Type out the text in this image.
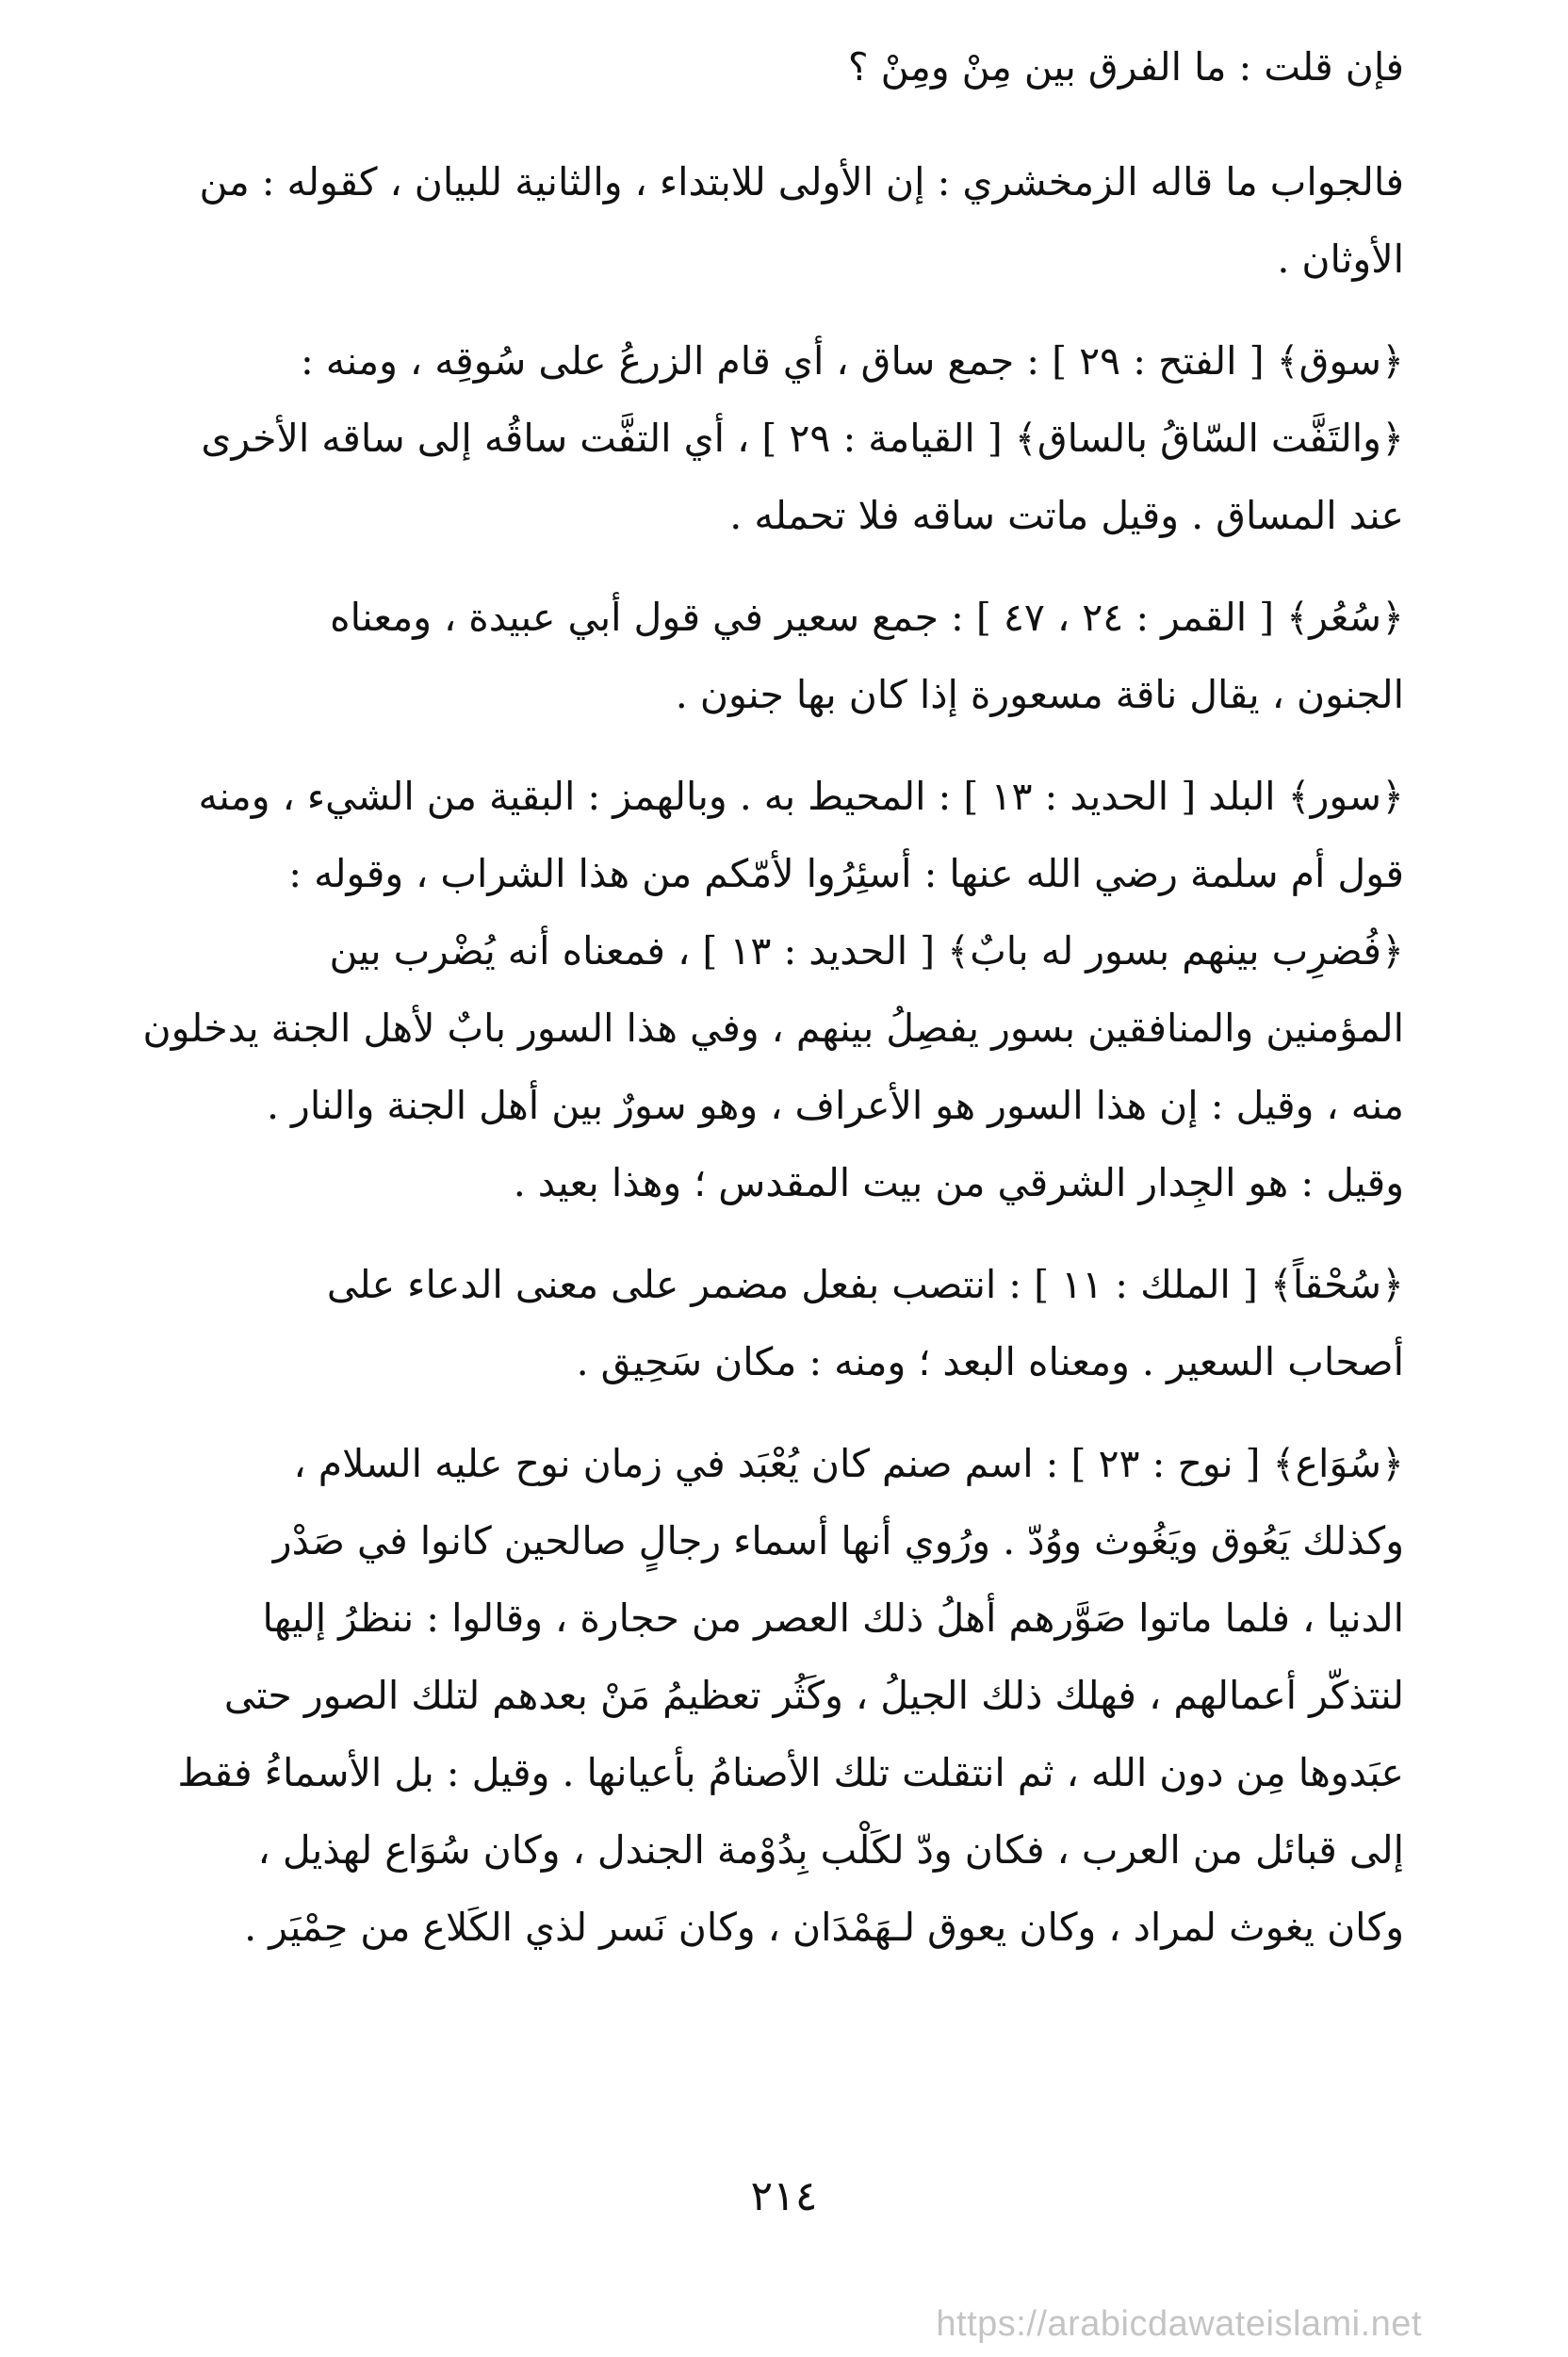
فإن قلت : ما الفرق بين مِنْ ومِنْ ؟

فالجواب ما قاله الزمخشري : إن الأولى للابتداء ، والثانية للبيان ، كقوله : من
الأوثان .

﴿سوق﴾ [ الفتح : ٢٩ ] : جمع ساق ، أي قام الزرعُ على سُوقِه ، ومنه :
﴿والتَفَّت السّاقُ بالساق﴾ [ القيامة : ٢٩ ] ، أي التفَّت ساقُه إلى ساقه الأخرى
عند المساق . وقيل ماتت ساقه فلا تحمله .

﴿سُعُر﴾ [ القمر : ٢٤ ، ٤٧ ] : جمع سعير في قول أبي عبيدة ، ومعناه
الجنون ، يقال ناقة مسعورة إذا كان بها جنون .

﴿سور﴾ البلد [ الحديد : ١٣ ] : المحيط به . وبالهمز : البقية من الشيء ، ومنه
قول أم سلمة رضي الله عنها : أسئِرُوا لأمّكم من هذا الشراب ، وقوله :
﴿فُضرِب بينهم بسور له بابٌ﴾ [ الحديد : ١٣ ] ، فمعناه أنه يُضْرب بين
المؤمنين والمنافقين بسور يفصِلُ بينهم ، وفي هذا السور بابٌ لأهل الجنة يدخلون
منه ، وقيل : إن هذا السور هو الأعراف ، وهو سورٌ بين أهل الجنة والنار .
وقيل : هو الجِدار الشرقي من بيت المقدس ؛ وهذا بعيد .

﴿سُحْقاً﴾ [ الملك : ١١ ] : انتصب بفعل مضمر على معنى الدعاء على
أصحاب السعير . ومعناه البعد ؛ ومنه : مكان سَحِيق .

﴿سُوَاع﴾ [ نوح : ٢٣ ] : اسم صنم كان يُعْبَد في زمان نوح عليه السلام ،
وكذلك يَعُوق ويَغُوث ووُدّ . ورُوي أنها أسماء رجالٍ صالحين كانوا في صَدْر
الدنيا ، فلما ماتوا صَوَّرهم أهلُ ذلك العصر من حجارة ، وقالوا : ننظرُ إليها
لنتذكّر أعمالهم ، فهلك ذلك الجيلُ ، وكَثُر تعظيمُ مَنْ بعدهم لتلك الصور حتى
عبَدوها مِن دون الله ، ثم انتقلت تلك الأصنامُ بأعيانها . وقيل : بل الأسماءُ فقط
إلى قبائل من العرب ، فكان ودّ لكَلْب بِدُوْمة الجندل ، وكان سُوَاع لهذيل ،
وكان يغوث لمراد ، وكان يعوق لـهَمْدَان ، وكان نَسر لذي الكَلاع من حِمْيَر .

٢١٤
https://arabicdawateislami.net
